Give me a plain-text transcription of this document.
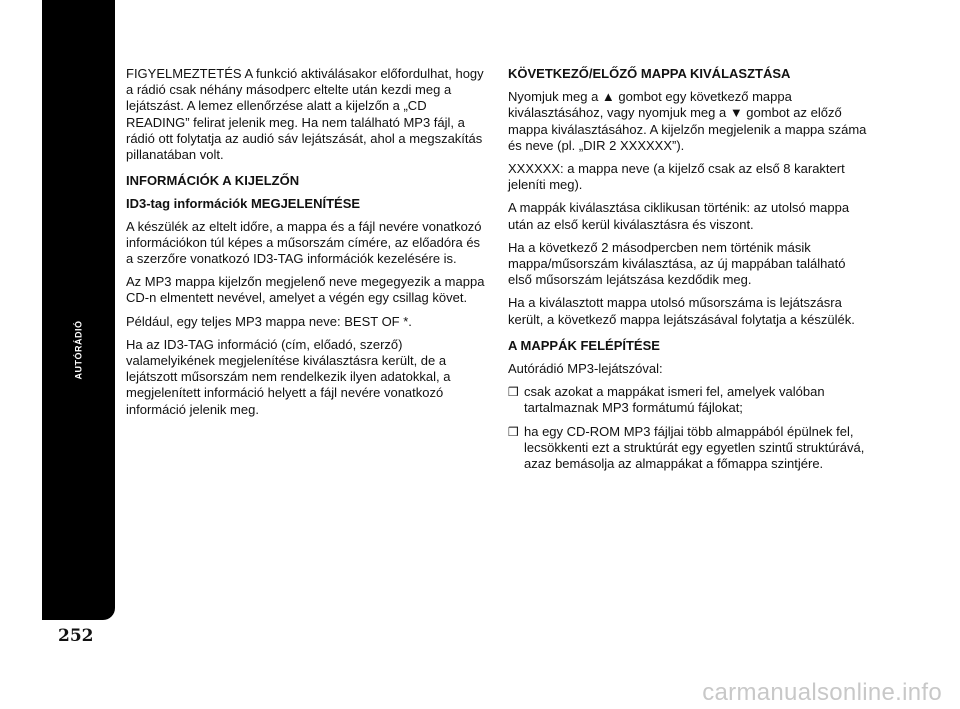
AUTÓRÁDIÓ
252

FIGYELMEZTETÉS A funkció aktiválásakor előfordulhat, hogy a rádió csak néhány másodperc eltelte után kezdi meg a lejátszást. A lemez ellenőrzése alatt a kijelzőn a „CD READING” felirat jelenik meg. Ha nem található MP3 fájl, a rádió ott folytatja az audió sáv lejátszását, ahol a megszakítás pillanatában volt.

INFORMÁCIÓK A KIJELZŐN
ID3-tag információk MEGJELENÍTÉSE

A készülék az eltelt időre, a mappa és a fájl nevére vonatkozó információkon túl képes a műsorszám címére, az előadóra és a szerzőre vonatkozó ID3-TAG információk kezelésére is.

Az MP3 mappa kijelzőn megjelenő neve megegyezik a mappa CD-n elmentett nevével, amelyet a végén egy csillag követ.

Például, egy teljes MP3 mappa neve: BEST OF *.

Ha az ID3-TAG információ (cím, előadó, szerző) valamelyikének megjelenítése kiválasztásra került, de a lejátszott műsorszám nem rendelkezik ilyen adatokkal, a megjelenített információ helyett a fájl nevére vonatkozó információ jelenik meg.

KÖVETKEZŐ/ELŐZŐ MAPPA KIVÁLASZTÁSA

Nyomjuk meg a ▲ gombot egy következő mappa kiválasztásához, vagy nyomjuk meg a ▼ gombot az előző mappa kiválasztásához. A kijelzőn megjelenik a mappa száma és neve (pl. „DIR 2 XXXXXX”).

XXXXXX: a mappa neve (a kijelző csak az első 8 karaktert jeleníti meg).

A mappák kiválasztása ciklikusan történik: az utolsó mappa után az első kerül kiválasztásra és viszont.

Ha a következő 2 másodpercben nem történik másik mappa/műsorszám kiválasztása, az új mappában található első műsorszám lejátszása kezdődik meg.

Ha a kiválasztott mappa utolsó műsorszáma is lejátszásra került, a következő mappa lejátszásával folytatja a készülék.

A MAPPÁK FELÉPÍTÉSE

Autórádió MP3-lejátszóval:

❒ csak azokat a mappákat ismeri fel, amelyek valóban tartalmaznak MP3 formátumú fájlokat;
❒ ha egy CD-ROM MP3 fájljai több almappából épülnek fel, lecsökkenti ezt a struktúrát egy egyetlen szintű struktúrává, azaz bemásolja az almappákat a főmappa szintjére.
carmanualsonline.info
